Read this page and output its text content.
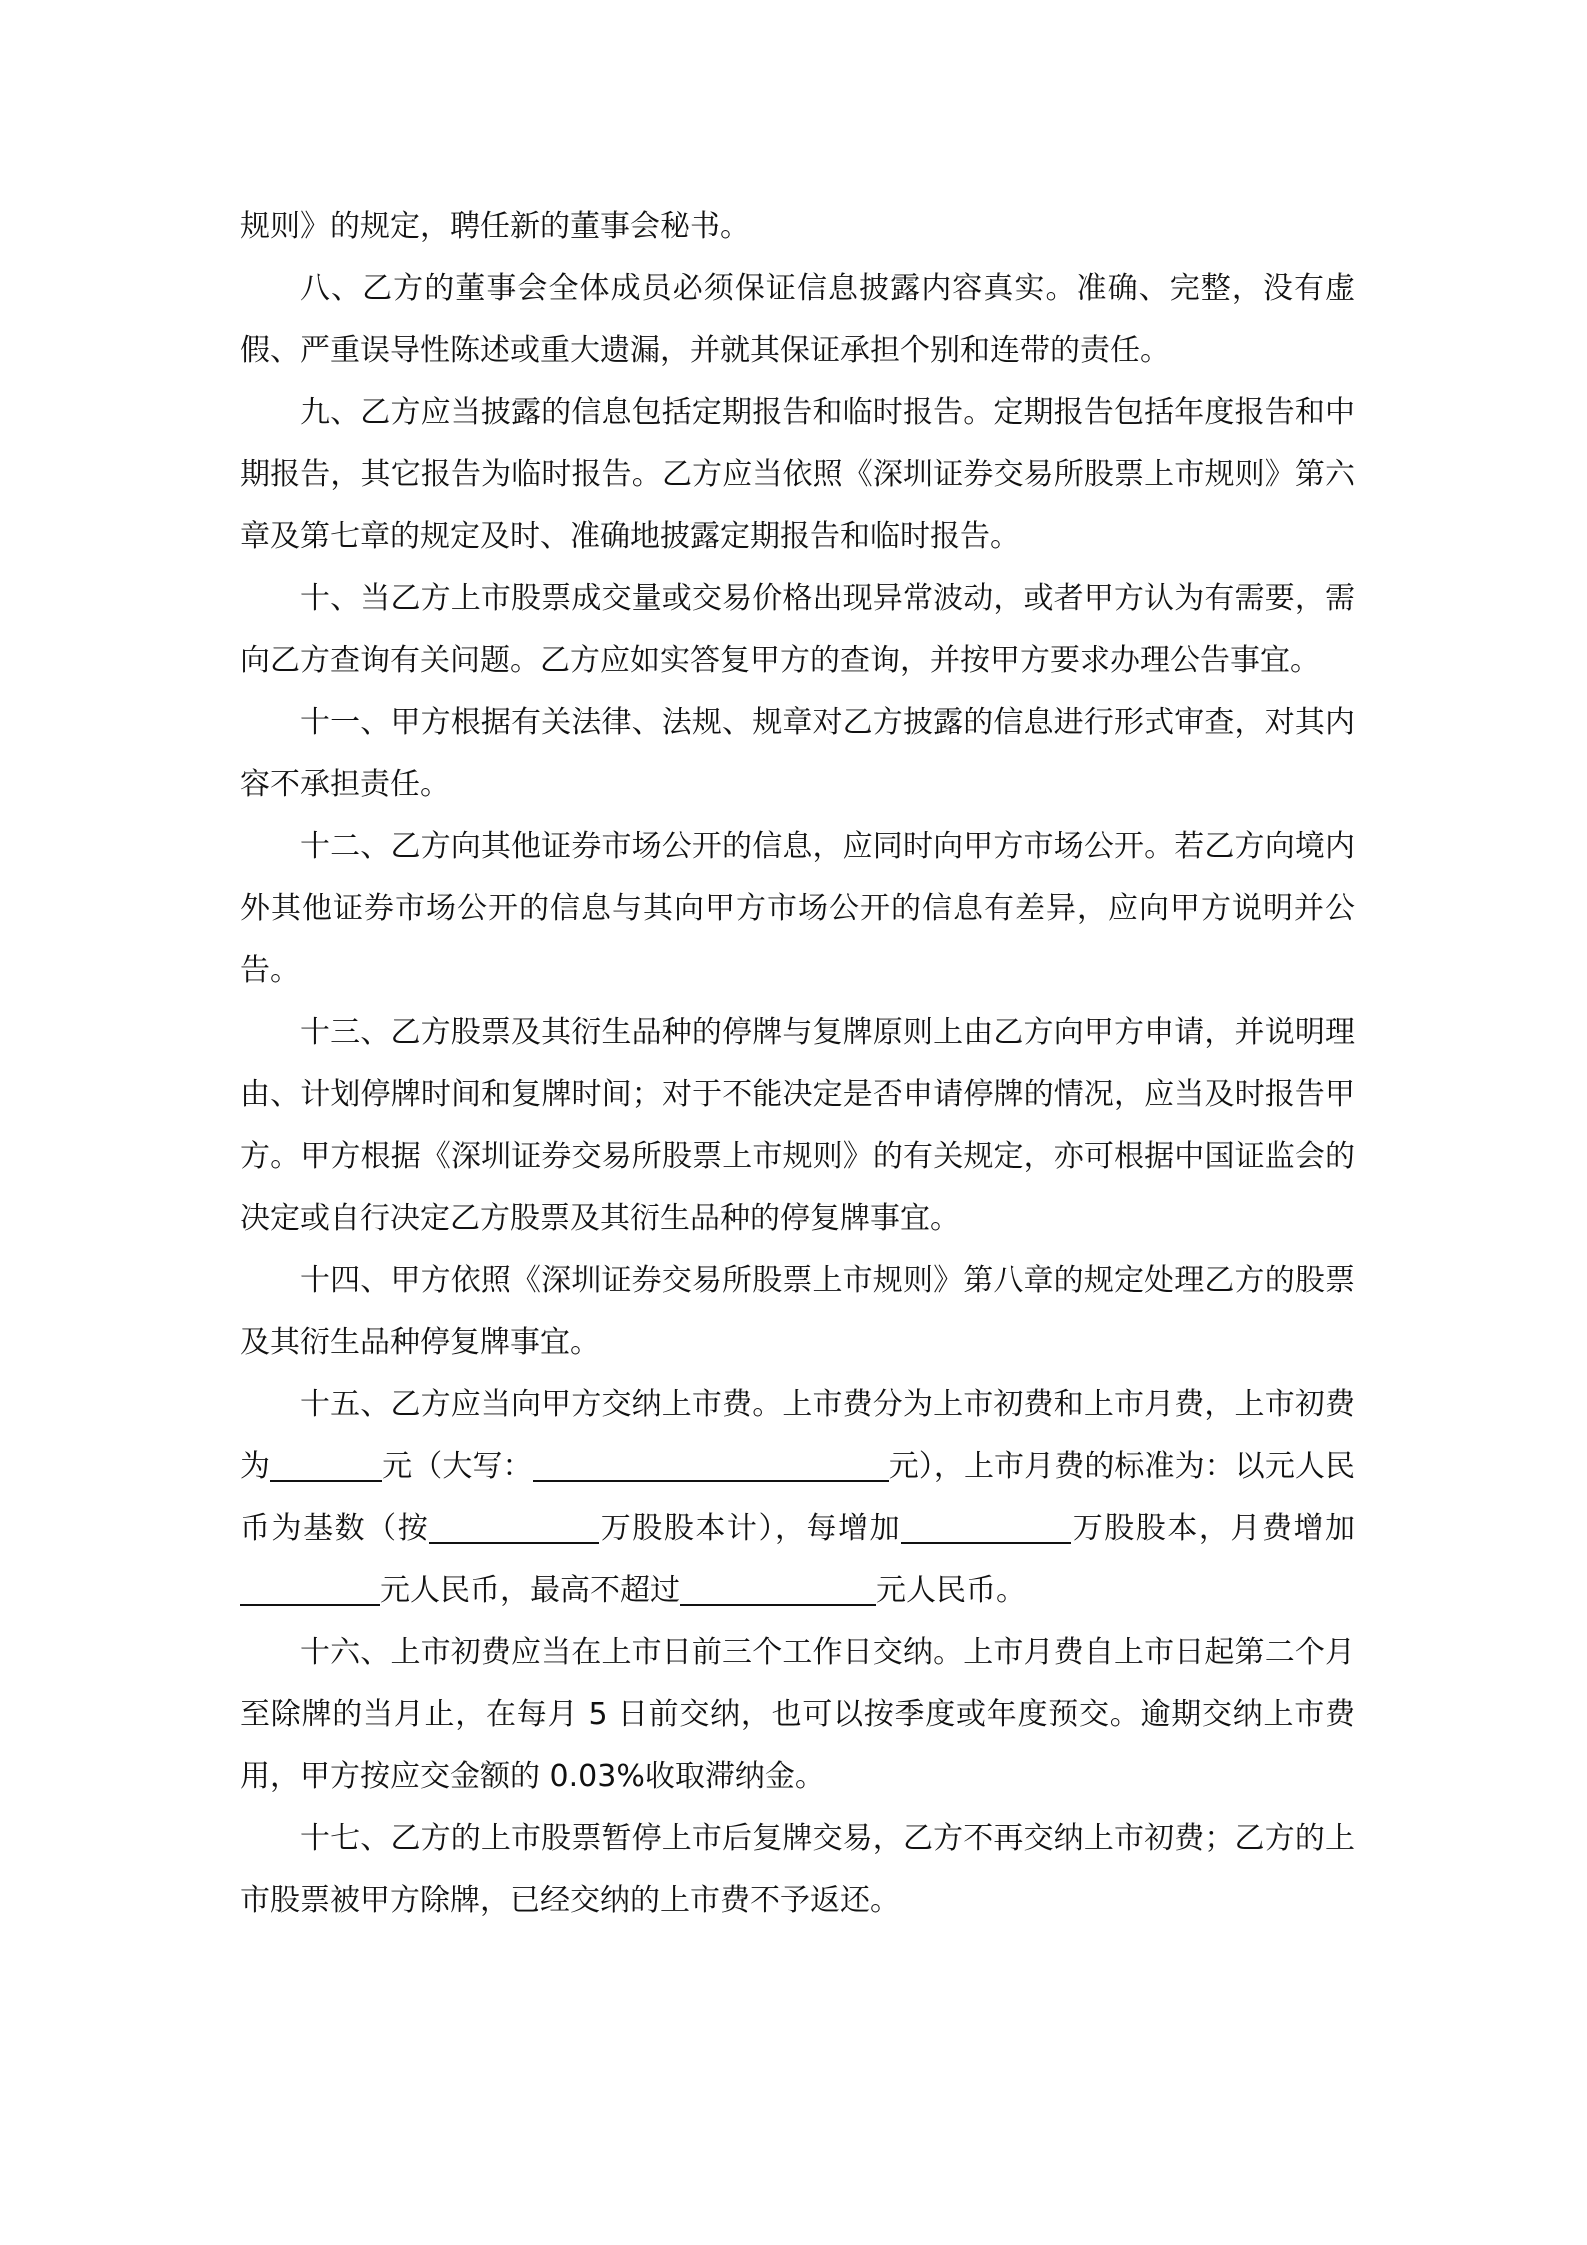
规则》的规定，聘任新的董事会秘书。

八、乙方的董事会全体成员必须保证信息披露内容真实。准确、完整，没有虚假、严重误导性陈述或重大遗漏，并就其保证承担个别和连带的责任。

九、乙方应当披露的信息包括定期报告和临时报告。定期报告包括年度报告和中期报告，其它报告为临时报告。乙方应当依照《深圳证券交易所股票上市规则》第六章及第七章的规定及时、准确地披露定期报告和临时报告。

十、当乙方上市股票成交量或交易价格出现异常波动，或者甲方认为有需要，需向乙方查询有关问题。乙方应如实答复甲方的查询，并按甲方要求办理公告事宜。

十一、甲方根据有关法律、法规、规章对乙方披露的信息进行形式审查，对其内容不承担责任。

十二、乙方向其他证券市场公开的信息，应同时向甲方市场公开。若乙方向境内外其他证券市场公开的信息与其向甲方市场公开的信息有差异，应向甲方说明并公告。

十三、乙方股票及其衍生品种的停牌与复牌原则上由乙方向甲方申请，并说明理由、计划停牌时间和复牌时间；对于不能决定是否申请停牌的情况，应当及时报告甲方。甲方根据《深圳证券交易所股票上市规则》的有关规定，亦可根据中国证监会的决定或自行决定乙方股票及其衍生品种的停复牌事宜。

十四、甲方依照《深圳证券交易所股票上市规则》第八章的规定处理乙方的股票及其衍生品种停复牌事宜。

十五、乙方应当向甲方交纳上市费。上市费分为上市初费和上市月费，上市初费为	元（大写：	元），上市月费的标准为：以元人民币为基数（按	万股股本计），每增加	万股股本，月费增加元人民币，最高不超过	元人民币。

十六、上市初费应当在上市日前三个工作日交纳。上市月费自上市日起第二个月至除牌的当月止，在每月 5 日前交纳，也可以按季度或年度预交。逾期交纳上市费用，甲方按应交金额的 0.03%收取滞纳金。

十七、乙方的上市股票暂停上市后复牌交易，乙方不再交纳上市初费；乙方的上市股票被甲方除牌，已经交纳的上市费不予返还。
